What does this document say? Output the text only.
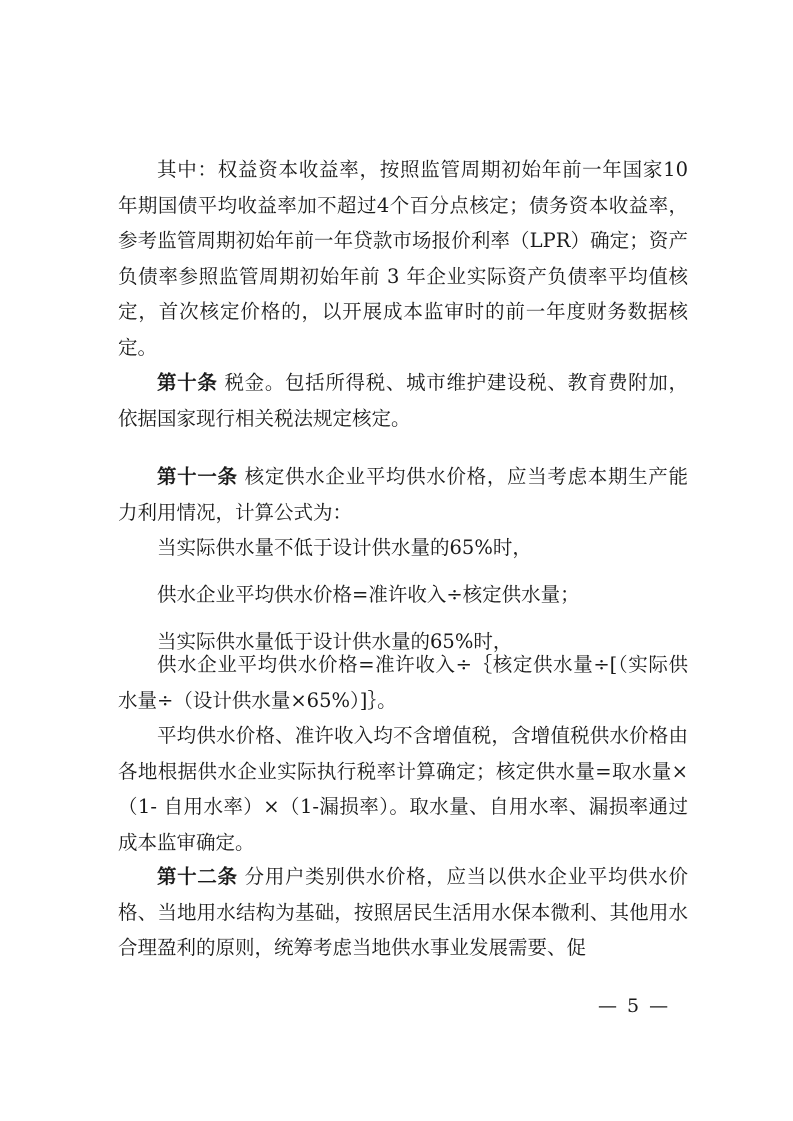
其中：权益资本收益率，按照监管周期初始年前一年国家10年期国债平均收益率加不超过4个百分点核定；债务资本收益率，参考监管周期初始年前一年贷款市场报价利率（LPR）确定；资产负债率参照监管周期初始年前 3 年企业实际资产负债率平均值核定，首次核定价格的，以开展成本监审时的前一年度财务数据核定。

第十条 税金。包括所得税、城市维护建设税、教育费附加，依据国家现行相关税法规定核定。

第十一条 核定供水企业平均供水价格，应当考虑本期生产能力利用情况，计算公式为：

当实际供水量不低于设计供水量的65%时，

供水企业平均供水价格=准许收入÷核定供水量；

当实际供水量低于设计供水量的65%时，

供水企业平均供水价格=准许收入÷｛核定供水量÷[（实际供水量÷（设计供水量×65%）]｝。

平均供水价格、准许收入均不含增值税，含增值税供水价格由各地根据供水企业实际执行税率计算确定；核定供水量=取水量×（1- 自用水率）×（1-漏损率）。取水量、自用水率、漏损率通过成本监审确定。

第十二条 分用户类别供水价格，应当以供水企业平均供水价格、当地用水结构为基础，按照居民生活用水保本微利、其他用水合理盈利的原则，统筹考虑当地供水事业发展需要、促

— 5 —
